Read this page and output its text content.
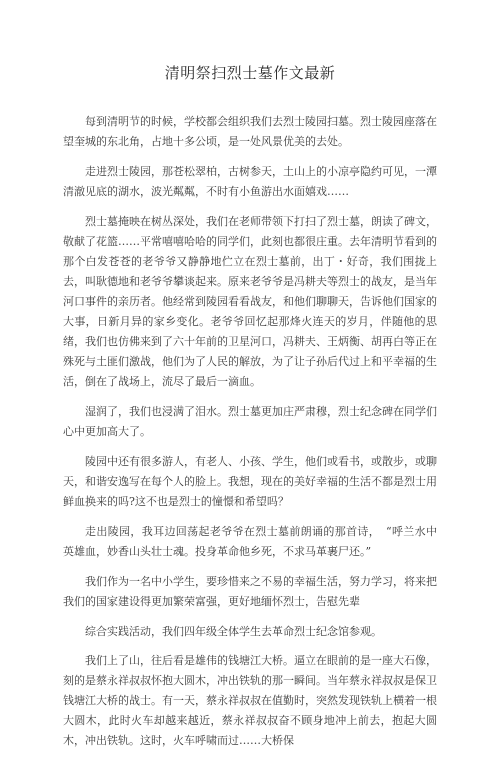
清明祭扫烈士墓作文最新

每到清明节的时候，学校都会组织我们去烈士陵园扫墓。烈士陵园座落在望奎城的东北角，占地十多公顷，是一处风景优美的去处。

走进烈士陵园，那苍松翠柏，古树参天，土山上的小凉亭隐约可见，一潭清澈见底的湖水，波光粼粼，不时有小鱼游出水面嬉戏……

烈士墓掩映在树丛深处，我们在老师带领下打扫了烈士墓，朗读了碑文，敬献了花篮……平常嘻嘻哈哈的同学们，此刻也都很庄重。去年清明节看到的那个白发苍苍的老爷爷又静静地伫立在烈士墓前，出丁・好奇，我们围拢上去，叫耿德地和老爷爷攀谈起来。原来老爷爷是冯耕夫等烈士的战友，是当年河口事件的亲历者。他经常到陵园看看战友，和他们聊聊天，告诉他们国家的大事，日新月异的家乡变化。老爷爷回忆起那烽火连天的岁月，伴随他的思绪，我们也仿佛来到了六十年前的卫星河口，冯耕夫、王炳衡、胡再白等正在殊死与土匪们激战，他们为了人民的解放，为了让子孙后代过上和平幸福的生活，倒在了战场上，流尽了最后一滴血。

湿润了，我们也浸满了泪水。烈士墓更加庄严肃穆，烈士纪念碑在同学们心中更加高大了。

陵园中还有很多游人，有老人、小孩、学生，他们或看书，或散步，或聊天，和谐安逸写在每个人的脸上。我想，现在的美好幸福的生活不都是烈士用鲜血换来的吗?这不也是烈士的憧憬和希望吗？

走出陵园，我耳边回荡起老爷爷在烈士墓前朗诵的那首诗，　“呼兰水中英雄血，妙香山头壮士魂。投身革命他乡死，不求马革裹尸还。”

我们作为一名中小学生，要珍惜来之不易的幸福生活，努力学习，将来把我们的国家建设得更加繁荣富强，更好地缅怀烈士，告慰先辈

综合实践活动，我们四年级全体学生去革命烈士纪念馆参观。

我们上了山，往后看是雄伟的钱塘江大桥。逼立在眼前的是一座大石像，刻的是蔡永祥叔叔怀抱大圆木，冲出铁轨的那一瞬间。当年蔡永祥叔叔是保卫钱塘江大桥的战士。有一天，蔡永祥叔叔在值勤时，突然发现铁轨上横着一根大圆木，此时火车却越来越近，蔡永祥叔叔奋不顾身地冲上前去，抱起大圆木，冲出铁轨。这时，火车呼啸而过……大桥保
